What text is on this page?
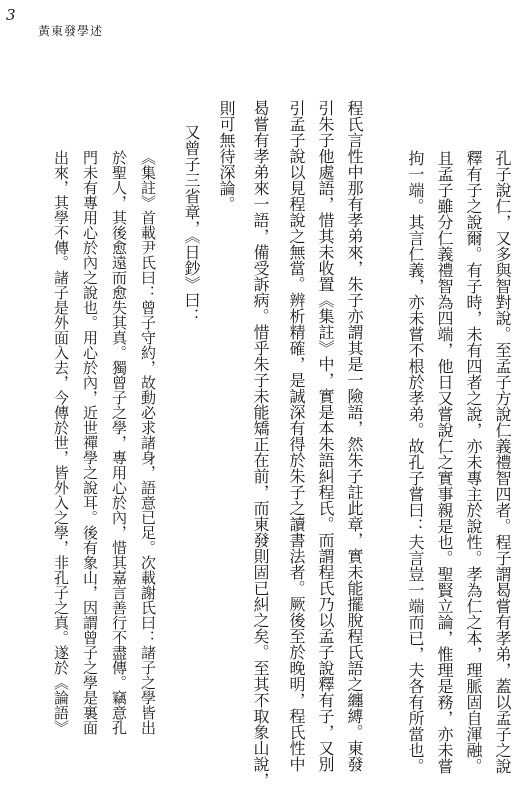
3
黃東發學述
孔子說仁，又多與智對說。至孟子方說仁義禮智四者。程子謂曷嘗有孝弟，蓋以孟子之說
釋有子之說爾。有子時，未有四者之說，亦未專主於說性。孝為仁之本，理脈固自渾融。
且孟子雖分仁義禮智為四端，他日又嘗說仁之實事親是也。聖賢立論，惟理是務，亦未嘗
拘一端。其言仁義，亦未嘗不根於孝弟。故孔子嘗曰：夫言豈一端而已，夫各有所當也。
程氏言性中那有孝弟來，朱子亦謂其是一險語，然朱子註此章，實未能擺脫程氏語之纏縛。東發
引朱子他處語，惜其未收置《集註》中，實是本朱語糾程氏。而謂程氏乃以孟子說釋有子，又別
引孟子說以見程說之無當。辨析精確，是誠深有得於朱子之讀書法者。厥後至於晚明，程氏性中
曷嘗有孝弟來一語，備受訴病。惜乎朱子未能矯正在前，而東發則固已糾之矣。至其不取象山說，
則可無待深論。
又曾子三省章，《日鈔》曰：
《集註》首載尹氏曰：曾子守約，故動必求諸身，語意已足。次載謝氏曰：諸子之學皆出
於聖人，其後愈遠而愈失其真。獨曾子之學，專用心於內，惜其嘉言善行不盡傳。竊意孔
門未有專用心於內之說也。用心於內，近世禪學之說耳。後有象山，因謂曾子之學是裏面
出來，其學不傳。諸子是外面入去，今傳於世，皆外入之學，非孔子之真。遂於《論語》
